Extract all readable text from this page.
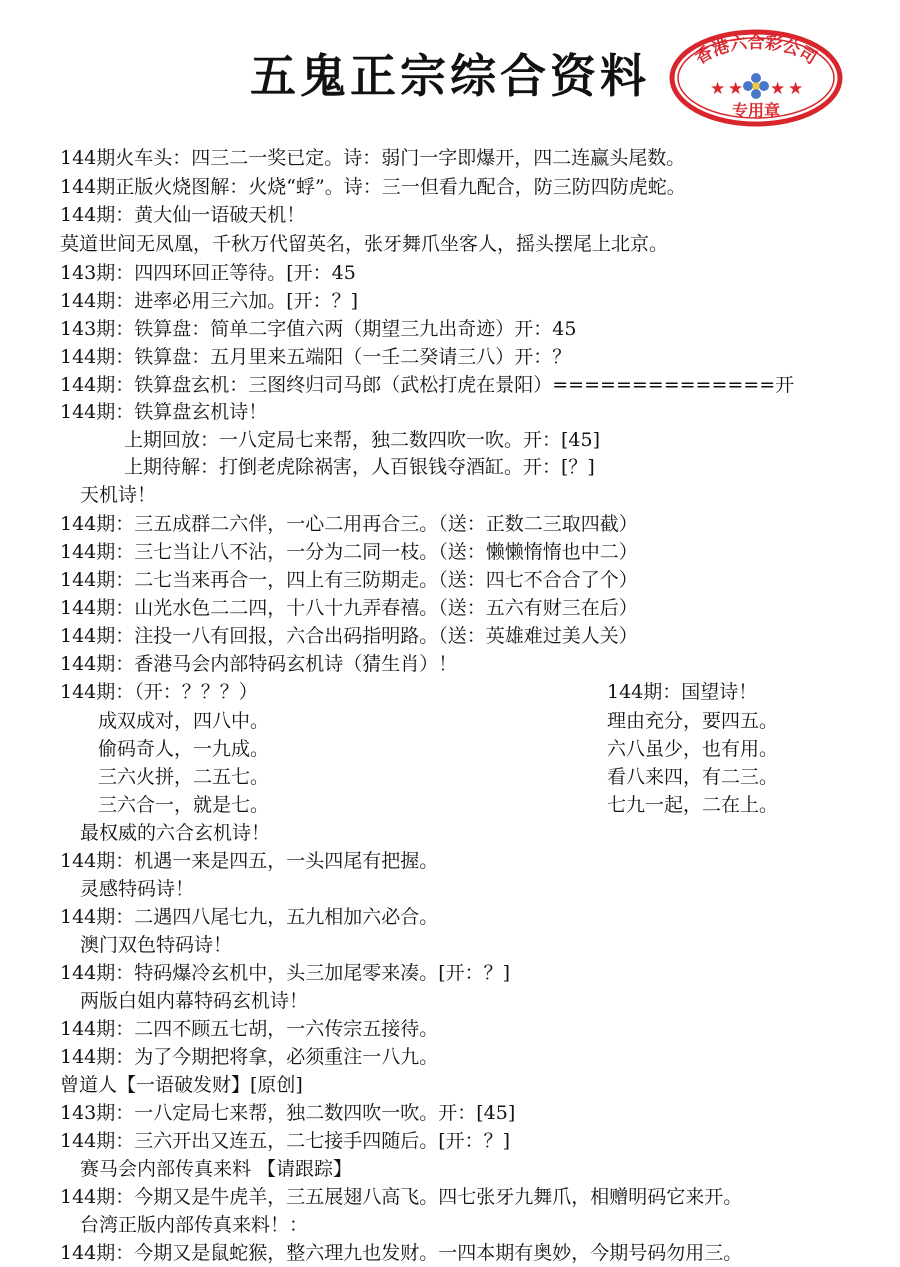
五鬼正宗综合资料	香港六合彩公司
★ ★ ★ ★
专用章
144期火车头：四三二一奖已定。诗：弱门一字即爆开，四二连赢头尾数。
144期正版火烧图解：火烧“蜉”。诗：三一但看九配合，防三防四防虎蛇。
144期：黄大仙一语破天机！
莫道世间无凤凰，千秋万代留英名，张牙舞爪坐客人，摇头摆尾上北京。
143期：四四环回正等待。[开：45
144期：进率必用三六加。[开：？]
143期：铁算盘：简单二字值六两（期望三九出奇迹）开：45
144期：铁算盘：五月里来五端阳（一壬二癸请三八）开：？
144期：铁算盘玄机：三图终归司马郎（武松打虎在景阳）==============开
144期：铁算盘玄机诗！
上期回放：一八定局七来帮，独二数四吹一吹。开：[45]
上期待解：打倒老虎除祸害，人百银钱夺酒缸。开：[？]
天机诗！
144期：三五成群二六伴，一心二用再合三。（送：正数二三取四截）
144期：三七当让八不沾，一分为二同一枝。（送：懒懒惰惰也中二）
144期：二七当来再合一，四上有三防期走。（送：四七不合合了个）
144期：山光水色二二四，十八十九弄春禧。（送：五六有财三在后）
144期：注投一八有回报，六合出码指明路。（送：英雄难过美人关）
144期：香港马会内部特码玄机诗（猜生肖）！
144期：（开：？？？）
成双成对，四八中。
偷码奇人，一九成。
三六火拼，二五七。
三六合一，就是七。
最权威的六合玄机诗！
144期：机遇一来是四五，一头四尾有把握。
灵感特码诗！
144期：二遇四八尾七九，五九相加六必合。
澳门双色特码诗！
144期：特码爆冷玄机中，头三加尾零来凑。[开：？]
两版白姐内幕特码玄机诗！
144期：二四不顾五七胡，一六传宗五接待。
144期：为了今期把将拿，必须重注一八九。
曾道人【一语破发财】[原创]
143期：一八定局七来帮，独二数四吹一吹。开：[45]
144期：三六开出又连五，二七接手四随后。[开：？]
赛马会内部传真来料 【请跟踪】
144期：今期又是牛虎羊，三五展翅八高飞。四七张牙九舞爪，相赠明码它来开。
台湾正版内部传真来料！：
144期：今期又是鼠蛇猴，整六理九也发财。一四本期有奥妙，今期号码勿用三。
144期：国望诗！
理由充分，要四五。
六八虽少，也有用。
看八来四，有二三。
七九一起，二在上。
